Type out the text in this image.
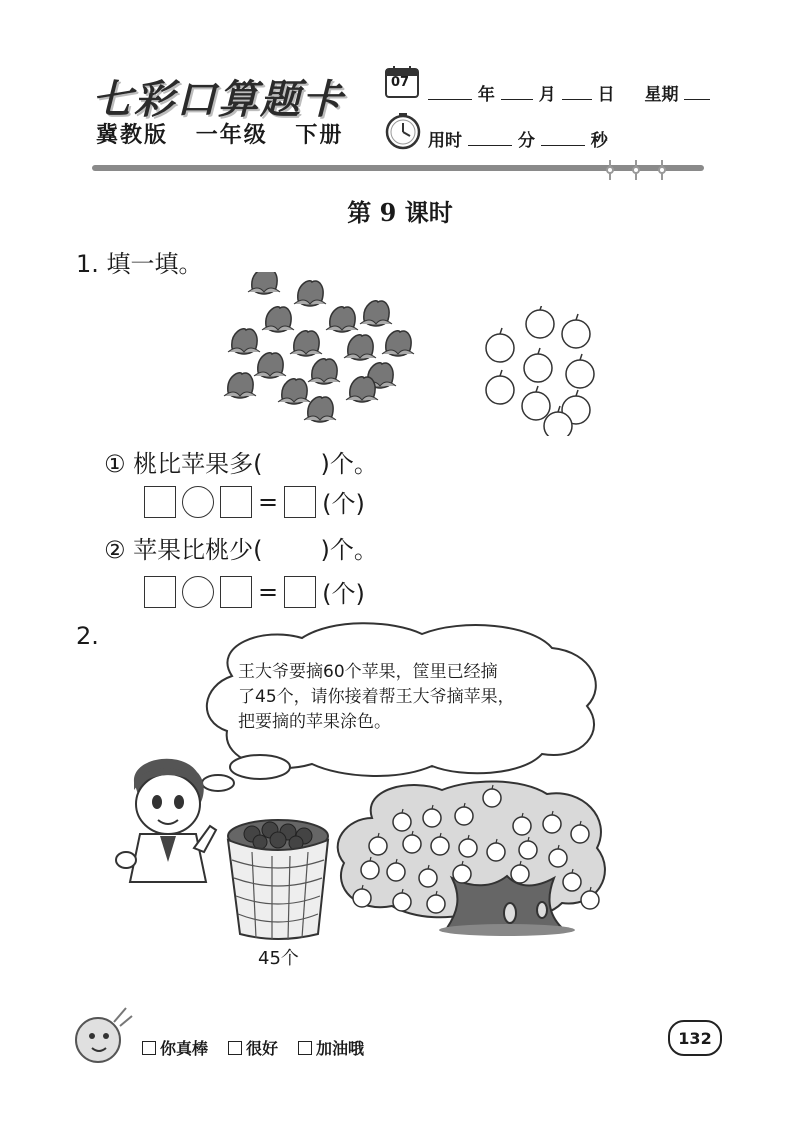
七彩口算题卡
冀教版 一年级 下册
07
年	月 日 星期
用时	分	秒
第 9 课时
1. 填一填。
① 桃比苹果多( )个。
= (个)
② 苹果比桃少( )个。
= (个)
2.
王大爷要摘60个苹果，筐里已经摘
了45个，请你接着帮王大爷摘苹果，
把要摘的苹果涂色。
45个
你真棒 很好 加油哦
132
